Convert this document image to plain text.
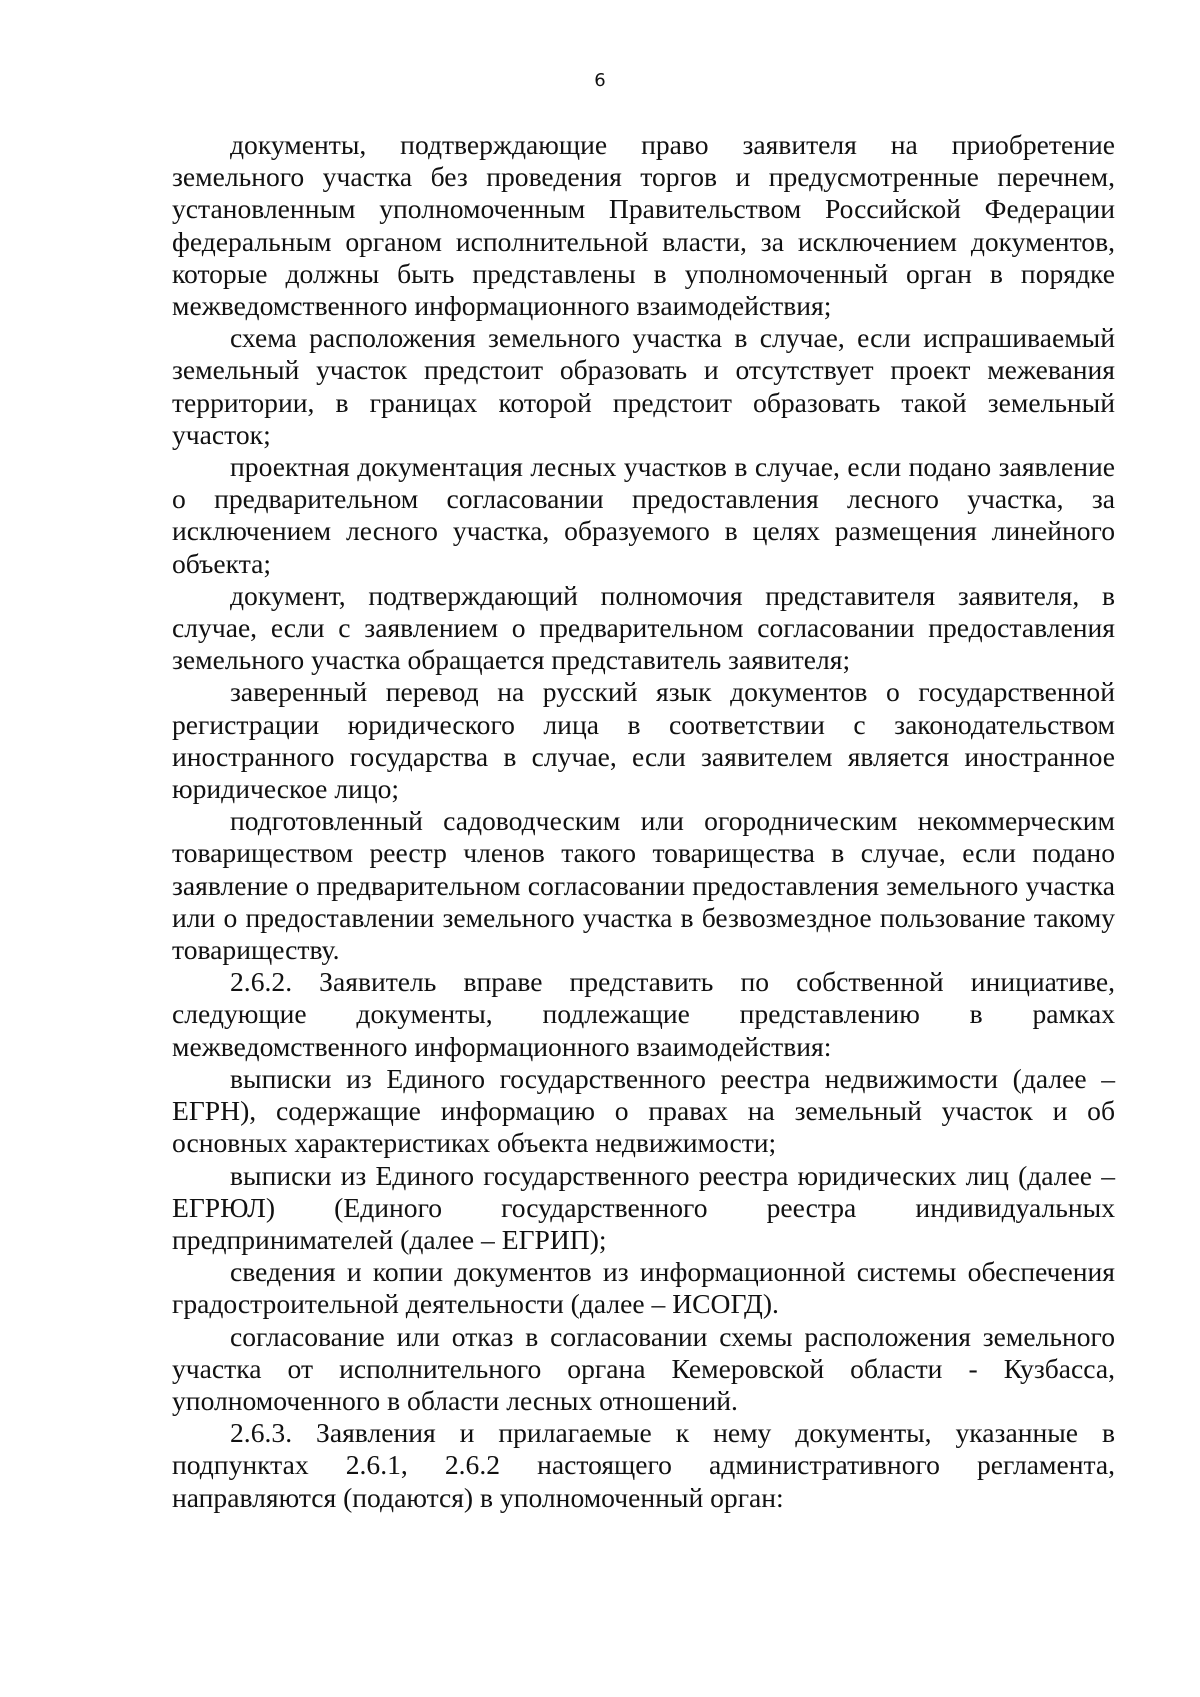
6

документы, подтверждающие право заявителя на приобретение земельного участка без проведения торгов и предусмотренные перечнем, установленным уполномоченным Правительством Российской Федерации федеральным органом исполнительной власти, за исключением документов, которые должны быть представлены в уполномоченный орган в порядке межведомственного информационного взаимодействия;

схема расположения земельного участка в случае, если испрашиваемый земельный участок предстоит образовать и отсутствует проект межевания территории, в границах которой предстоит образовать такой земельный участок;

проектная документация лесных участков в случае, если подано заявление о предварительном согласовании предоставления лесного участка, за исключением лесного участка, образуемого в целях размещения линейного объекта;

документ, подтверждающий полномочия представителя заявителя, в случае, если с заявлением о предварительном согласовании предоставления земельного участка обращается представитель заявителя;

заверенный перевод на русский язык документов о государственной регистрации юридического лица в соответствии с законодательством иностранного государства в случае, если заявителем является иностранное юридическое лицо;

подготовленный садоводческим или огородническим некоммерческим товариществом реестр членов такого товарищества в случае, если подано заявление о предварительном согласовании предоставления земельного участка или о предоставлении земельного участка в безвозмездное пользование такому товариществу.

2.6.2. Заявитель вправе представить по собственной инициативе, следующие документы, подлежащие представлению в рамках межведомственного информационного взаимодействия:

выписки из Единого государственного реестра недвижимости (далее – ЕГРН), содержащие информацию о правах на земельный участок и об основных характеристиках объекта недвижимости;

выписки из Единого государственного реестра юридических лиц (далее – ЕГРЮЛ) (Единого государственного реестра индивидуальных предпринимателей (далее – ЕГРИП);

сведения и копии документов из информационной системы обеспечения градостроительной деятельности (далее – ИСОГД).

согласование или отказ в согласовании схемы расположения земельного участка от исполнительного органа Кемеровской области - Кузбасса, уполномоченного в области лесных отношений.

2.6.3. Заявления и прилагаемые к нему документы, указанные в подпунктах 2.6.1, 2.6.2 настоящего административного регламента, направляются (подаются) в уполномоченный орган:
